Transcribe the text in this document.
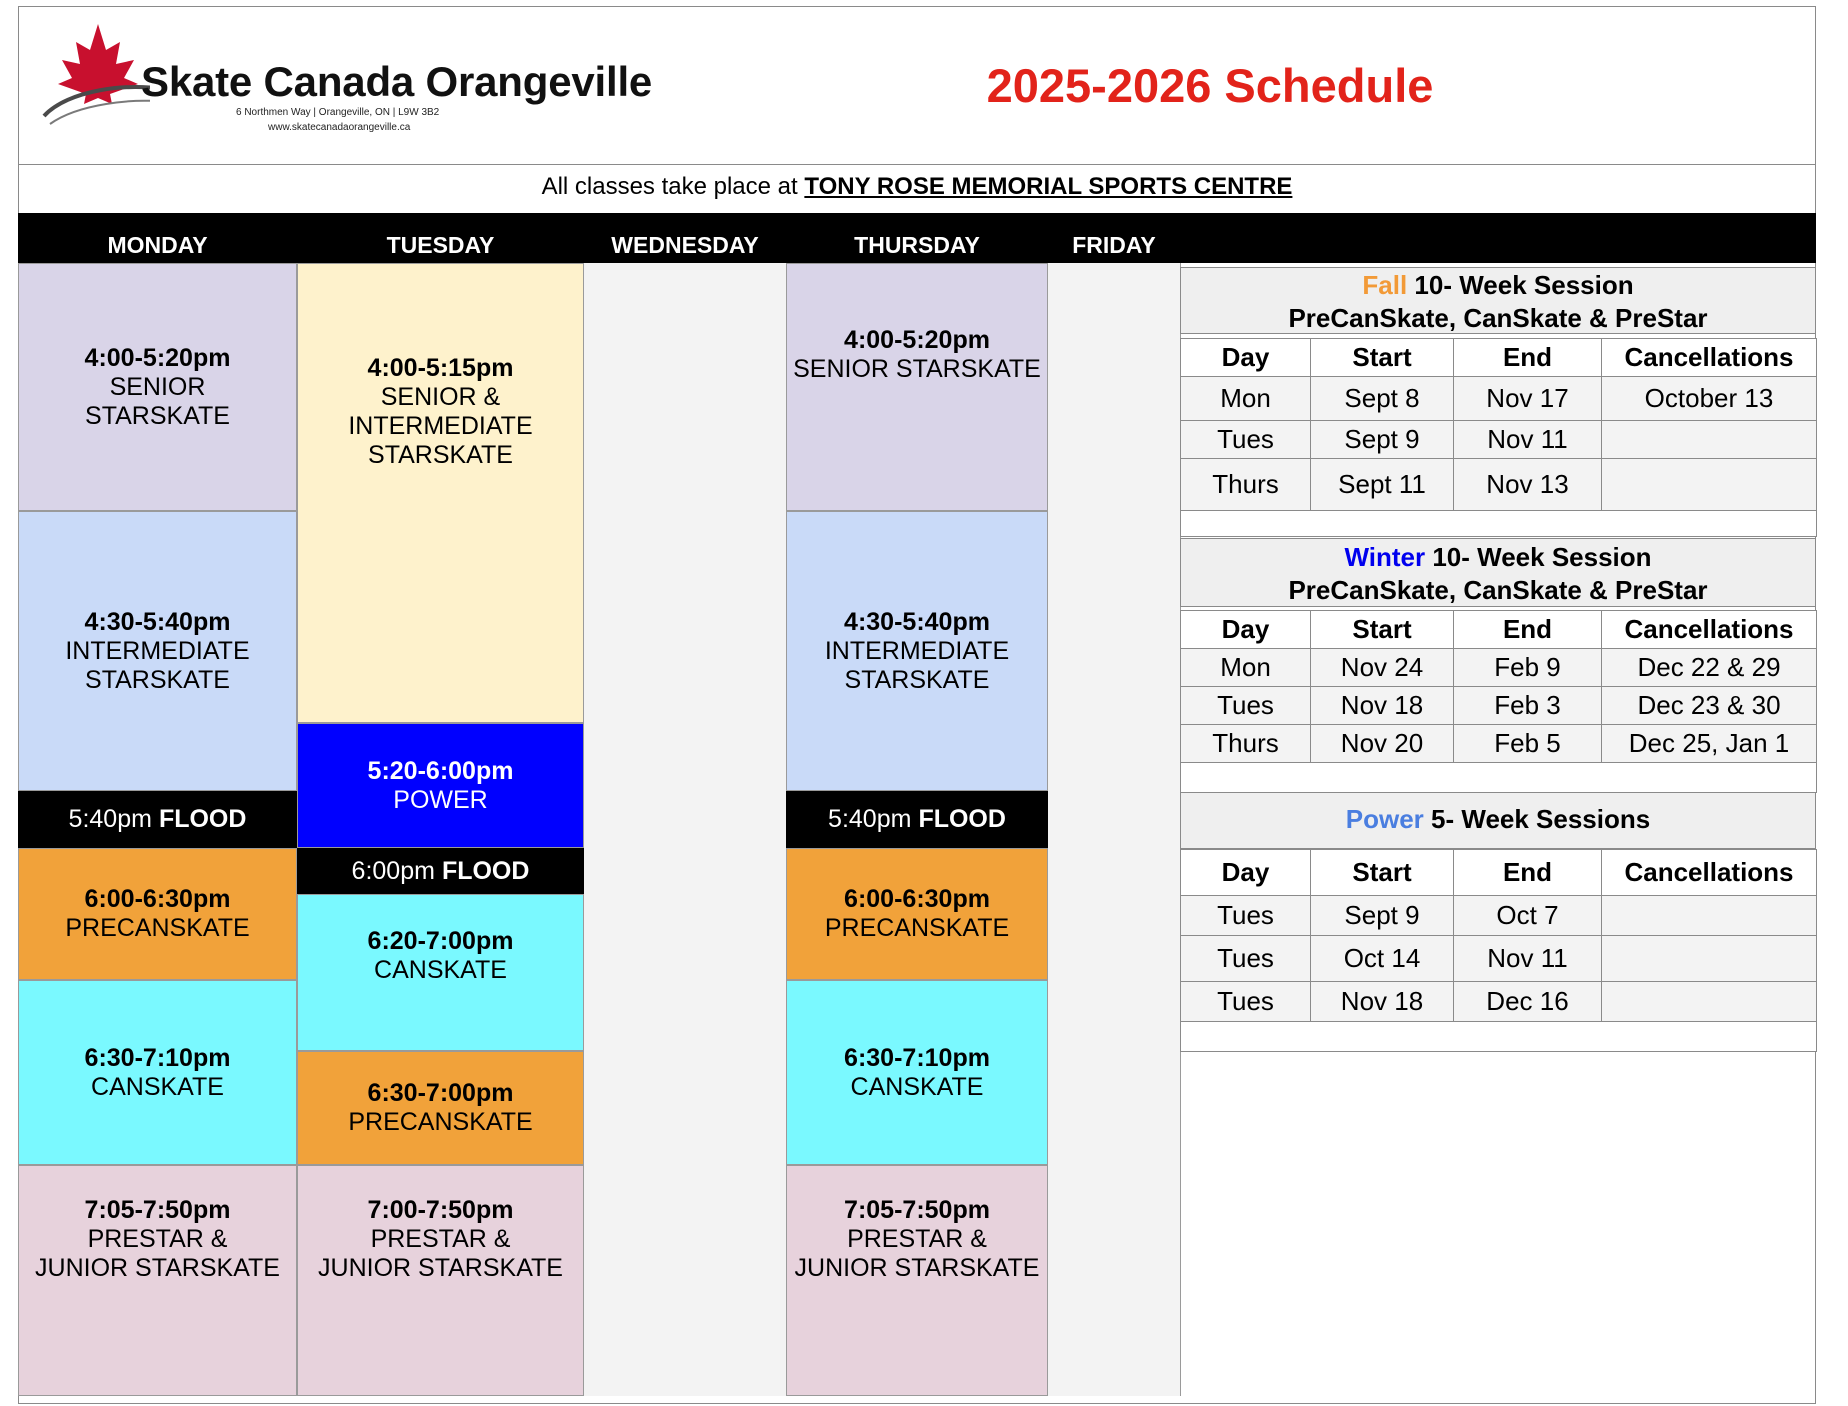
Skate Canada Orangeville
6 Northmen Way | Orangeville, ON | L9W 3B2
www.skatecanadaorangeville.ca
2025-2026 Schedule
All classes take place at TONY ROSE MEMORIAL SPORTS CENTRE
MONDAY	TUESDAY	WEDNESDAY	THURSDAY	FRIDAY
4:00-5:20pm
SENIOR
STARSKATE
4:30-5:40pm
INTERMEDIATE
STARSKATE
5:40pm FLOOD
6:00-6:30pm
PRECANSKATE
6:30-7:10pm
CANSKATE
7:05-7:50pm
PRESTAR &
JUNIOR STARSKATE
4:00-5:15pm
SENIOR &
INTERMEDIATE
STARSKATE
5:20-6:00pm
POWER
6:00pm FLOOD
6:20-7:00pm
CANSKATE
6:30-7:00pm
PRECANSKATE
7:00-7:50pm
PRESTAR &
JUNIOR STARSKATE
4:00-5:20pm
SENIOR STARSKATE
4:30-5:40pm
INTERMEDIATE
STARSKATE
5:40pm FLOOD
6:00-6:30pm
PRECANSKATE
6:30-7:10pm
CANSKATE
7:05-7:50pm
PRESTAR &
JUNIOR STARSKATE
Fall 10- Week Session
PreCanSkate, CanSkate & PreStar
Day	Start	End	Cancellations
Mon	Sept 8	Nov 17	October 13
Tues	Sept 9	Nov 11	
Thurs	Sept 11	Nov 13	

Winter 10- Week Session
PreCanSkate, CanSkate & PreStar
Day	Start	End	Cancellations
Mon	Nov 24	Feb 9	Dec 22 & 29
Tues	Nov 18	Feb 3	Dec 23 & 30
Thurs	Nov 20	Feb 5	Dec 25, Jan 1

Power 5- Week Sessions
Day	Start	End	Cancellations
Tues	Sept 9	Oct 7	
Tues	Oct 14	Nov 11	
Tues	Nov 18	Dec 16	
